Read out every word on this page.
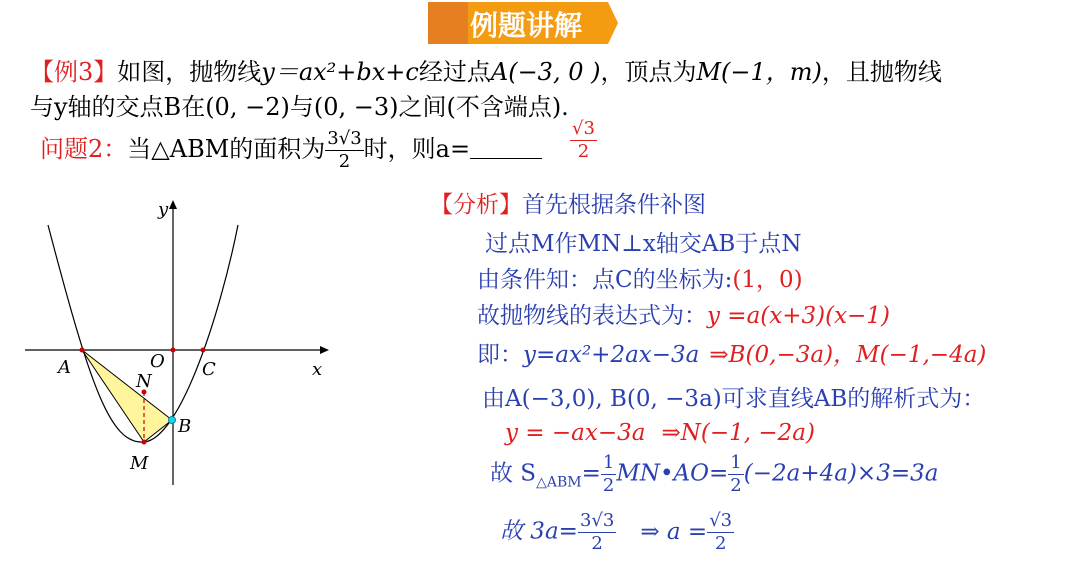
例题讲解
【例3】如图，抛物线y＝ax²+bx+c经过点A(−3, 0 )，顶点为M(−1，m)，且抛物线
与y轴的交点B在(0, −2)与(0, −3)之间(不含端点).
问题2：当△ABM的面积为 $\frac{3√3}{2}$ 时，则a=	$\frac{√3}{2}$
y
x
A	O C
N
B
M
【分析】首先根据条件补图
过点M作MN⊥x轴交AB于点N
由条件知：点C的坐标为:(1，0)
故抛物线的表达式为：y =a(x+3)(x−1)
即：y=ax²+2ax−3a ⇒B(0,−3a)，M(−1,−4a)
由A(−3,0), B(0, −3a)可求直线AB的解析式为：
y = −ax−3a ⇒N(−1, −2a)
故 $S_{\triangle ABM}= \frac{1}{2}$ MN•AO= $\frac{1}{2} (-2a+4a)\times 3=3a$
故 $3a= \frac{3√3}{2}$ ⇒ $a = \frac{√3}{2}$
